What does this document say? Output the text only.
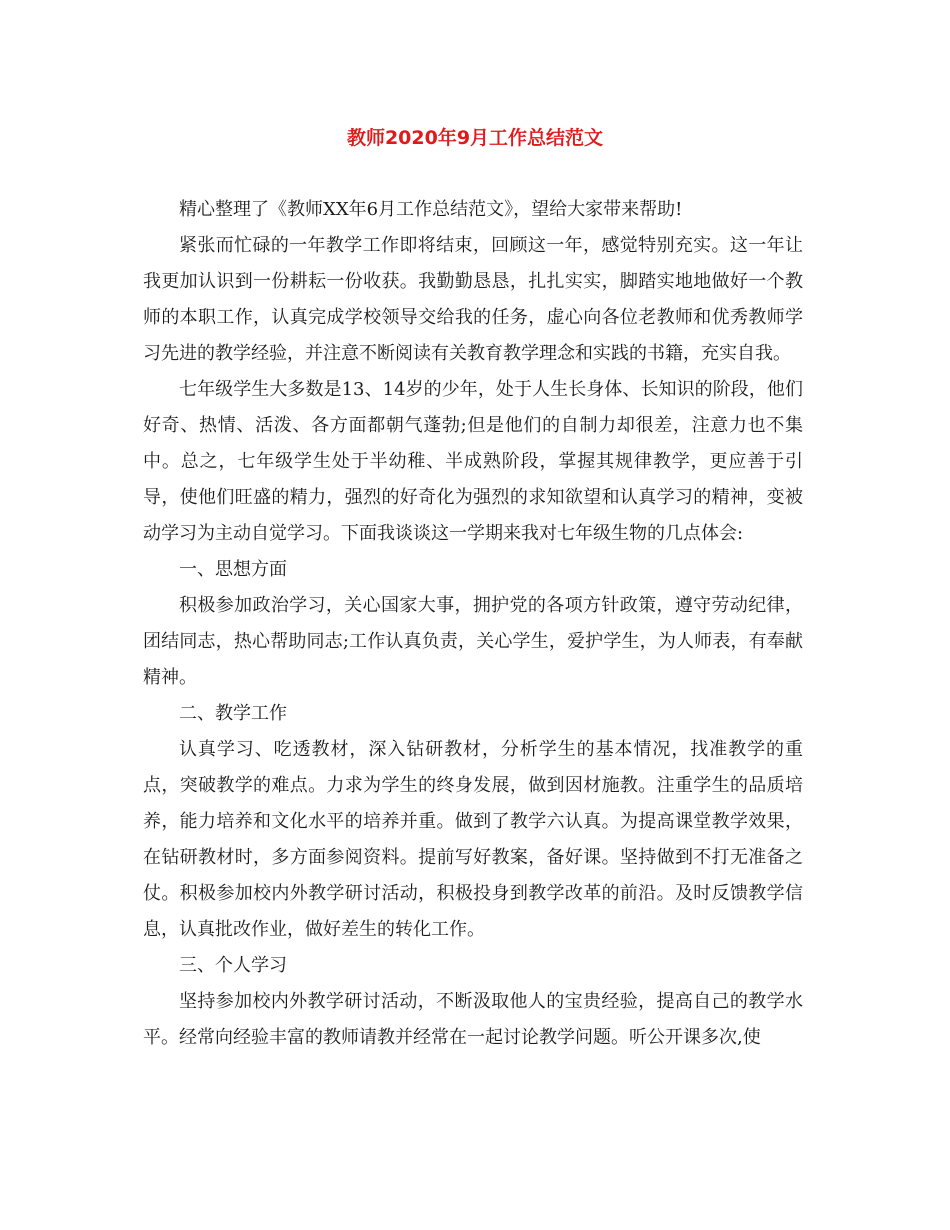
教师2020年9月工作总结范文

精心整理了《教师XX年6月工作总结范文》，望给大家带来帮助!

紧张而忙碌的一年教学工作即将结束，回顾这一年，感觉特别充实。这一年让我更加认识到一份耕耘一份收获。我勤勤恳恳，扎扎实实，脚踏实地地做好一个教师的本职工作，认真完成学校领导交给我的任务，虚心向各位老教师和优秀教师学习先进的教学经验，并注意不断阅读有关教育教学理念和实践的书籍，充实自我。

七年级学生大多数是13、14岁的少年，处于人生长身体、长知识的阶段，他们好奇、热情、活泼、各方面都朝气蓬勃;但是他们的自制力却很差，注意力也不集中。总之，七年级学生处于半幼稚、半成熟阶段，掌握其规律教学，更应善于引导，使他们旺盛的精力，强烈的好奇化为强烈的求知欲望和认真学习的精神，变被动学习为主动自觉学习。下面我谈谈这一学期来我对七年级生物的几点体会:

一、思想方面

积极参加政治学习，关心国家大事，拥护党的各项方针政策，遵守劳动纪律，团结同志，热心帮助同志;工作认真负责，关心学生，爱护学生，为人师表，有奉献精神。

二、教学工作

认真学习、吃透教材，深入钻研教材，分析学生的基本情况，找准教学的重点，突破教学的难点。力求为学生的终身发展，做到因材施教。注重学生的品质培养，能力培养和文化水平的培养并重。做到了教学六认真。为提高课堂教学效果，在钻研教材时，多方面参阅资料。提前写好教案，备好课。坚持做到不打无准备之仗。积极参加校内外教学研讨活动，积极投身到教学改革的前沿。及时反馈教学信息，认真批改作业，做好差生的转化工作。

三、个人学习

坚持参加校内外教学研讨活动，不断汲取他人的宝贵经验，提高自己的教学水平。经常向经验丰富的教师请教并经常在一起讨论教学问题。听公开课多次,使
